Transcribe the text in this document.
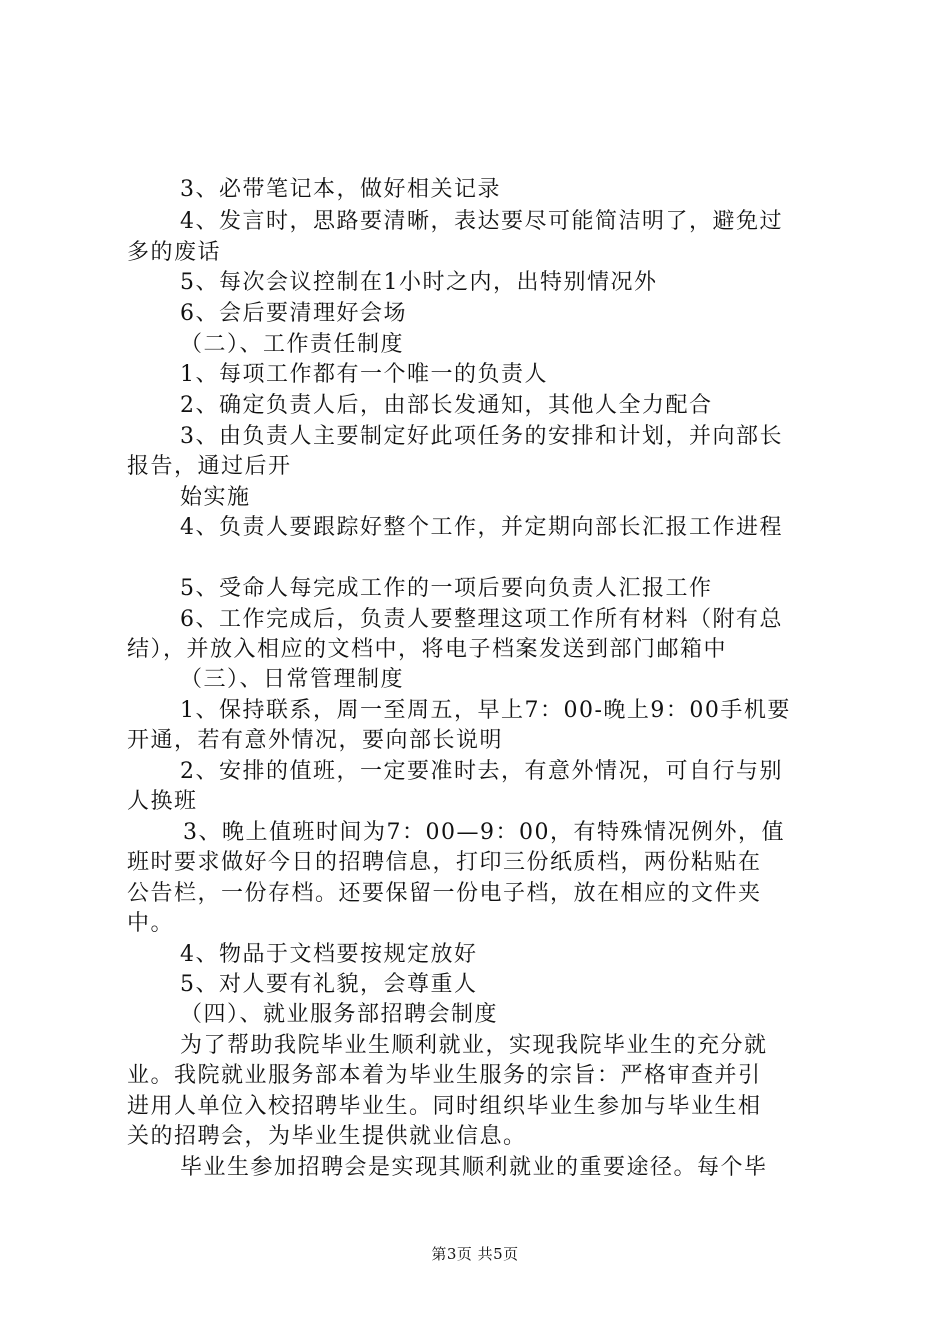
3、必带笔记本，做好相关记录
4、发言时，思路要清晰，表达要尽可能简洁明了，避免过
多的废话
5、每次会议控制在1小时之内，出特别情况外
6、会后要清理好会场
（二）、工作责任制度
1、每项工作都有一个唯一的负责人
2、确定负责人后，由部长发通知，其他人全力配合
3、由负责人主要制定好此项任务的安排和计划，并向部长
报告，通过后开
始实施
4、负责人要跟踪好整个工作，并定期向部长汇报工作进程
5、受命人每完成工作的一项后要向负责人汇报工作
6、工作完成后，负责人要整理这项工作所有材料（附有总
结），并放入相应的文档中，将电子档案发送到部门邮箱中
（三）、日常管理制度
1、保持联系，周一至周五，早上7：00-晚上9：00手机要
开通，若有意外情况，要向部长说明
2、安排的值班，一定要准时去，有意外情况，可自行与别
人换班
3、晚上值班时间为7：00—9：00，有特殊情况例外，值
班时要求做好今日的招聘信息，打印三份纸质档，两份粘贴在
公告栏，一份存档。还要保留一份电子档，放在相应的文件夹
中。
4、物品于文档要按规定放好
5、对人要有礼貌，会尊重人
（四）、就业服务部招聘会制度
为了帮助我院毕业生顺利就业，实现我院毕业生的充分就
业。我院就业服务部本着为毕业生服务的宗旨：严格审查并引
进用人单位入校招聘毕业生。同时组织毕业生参加与毕业生相
关的招聘会，为毕业生提供就业信息。
毕业生参加招聘会是实现其顺利就业的重要途径。每个毕
第3页 共5页
